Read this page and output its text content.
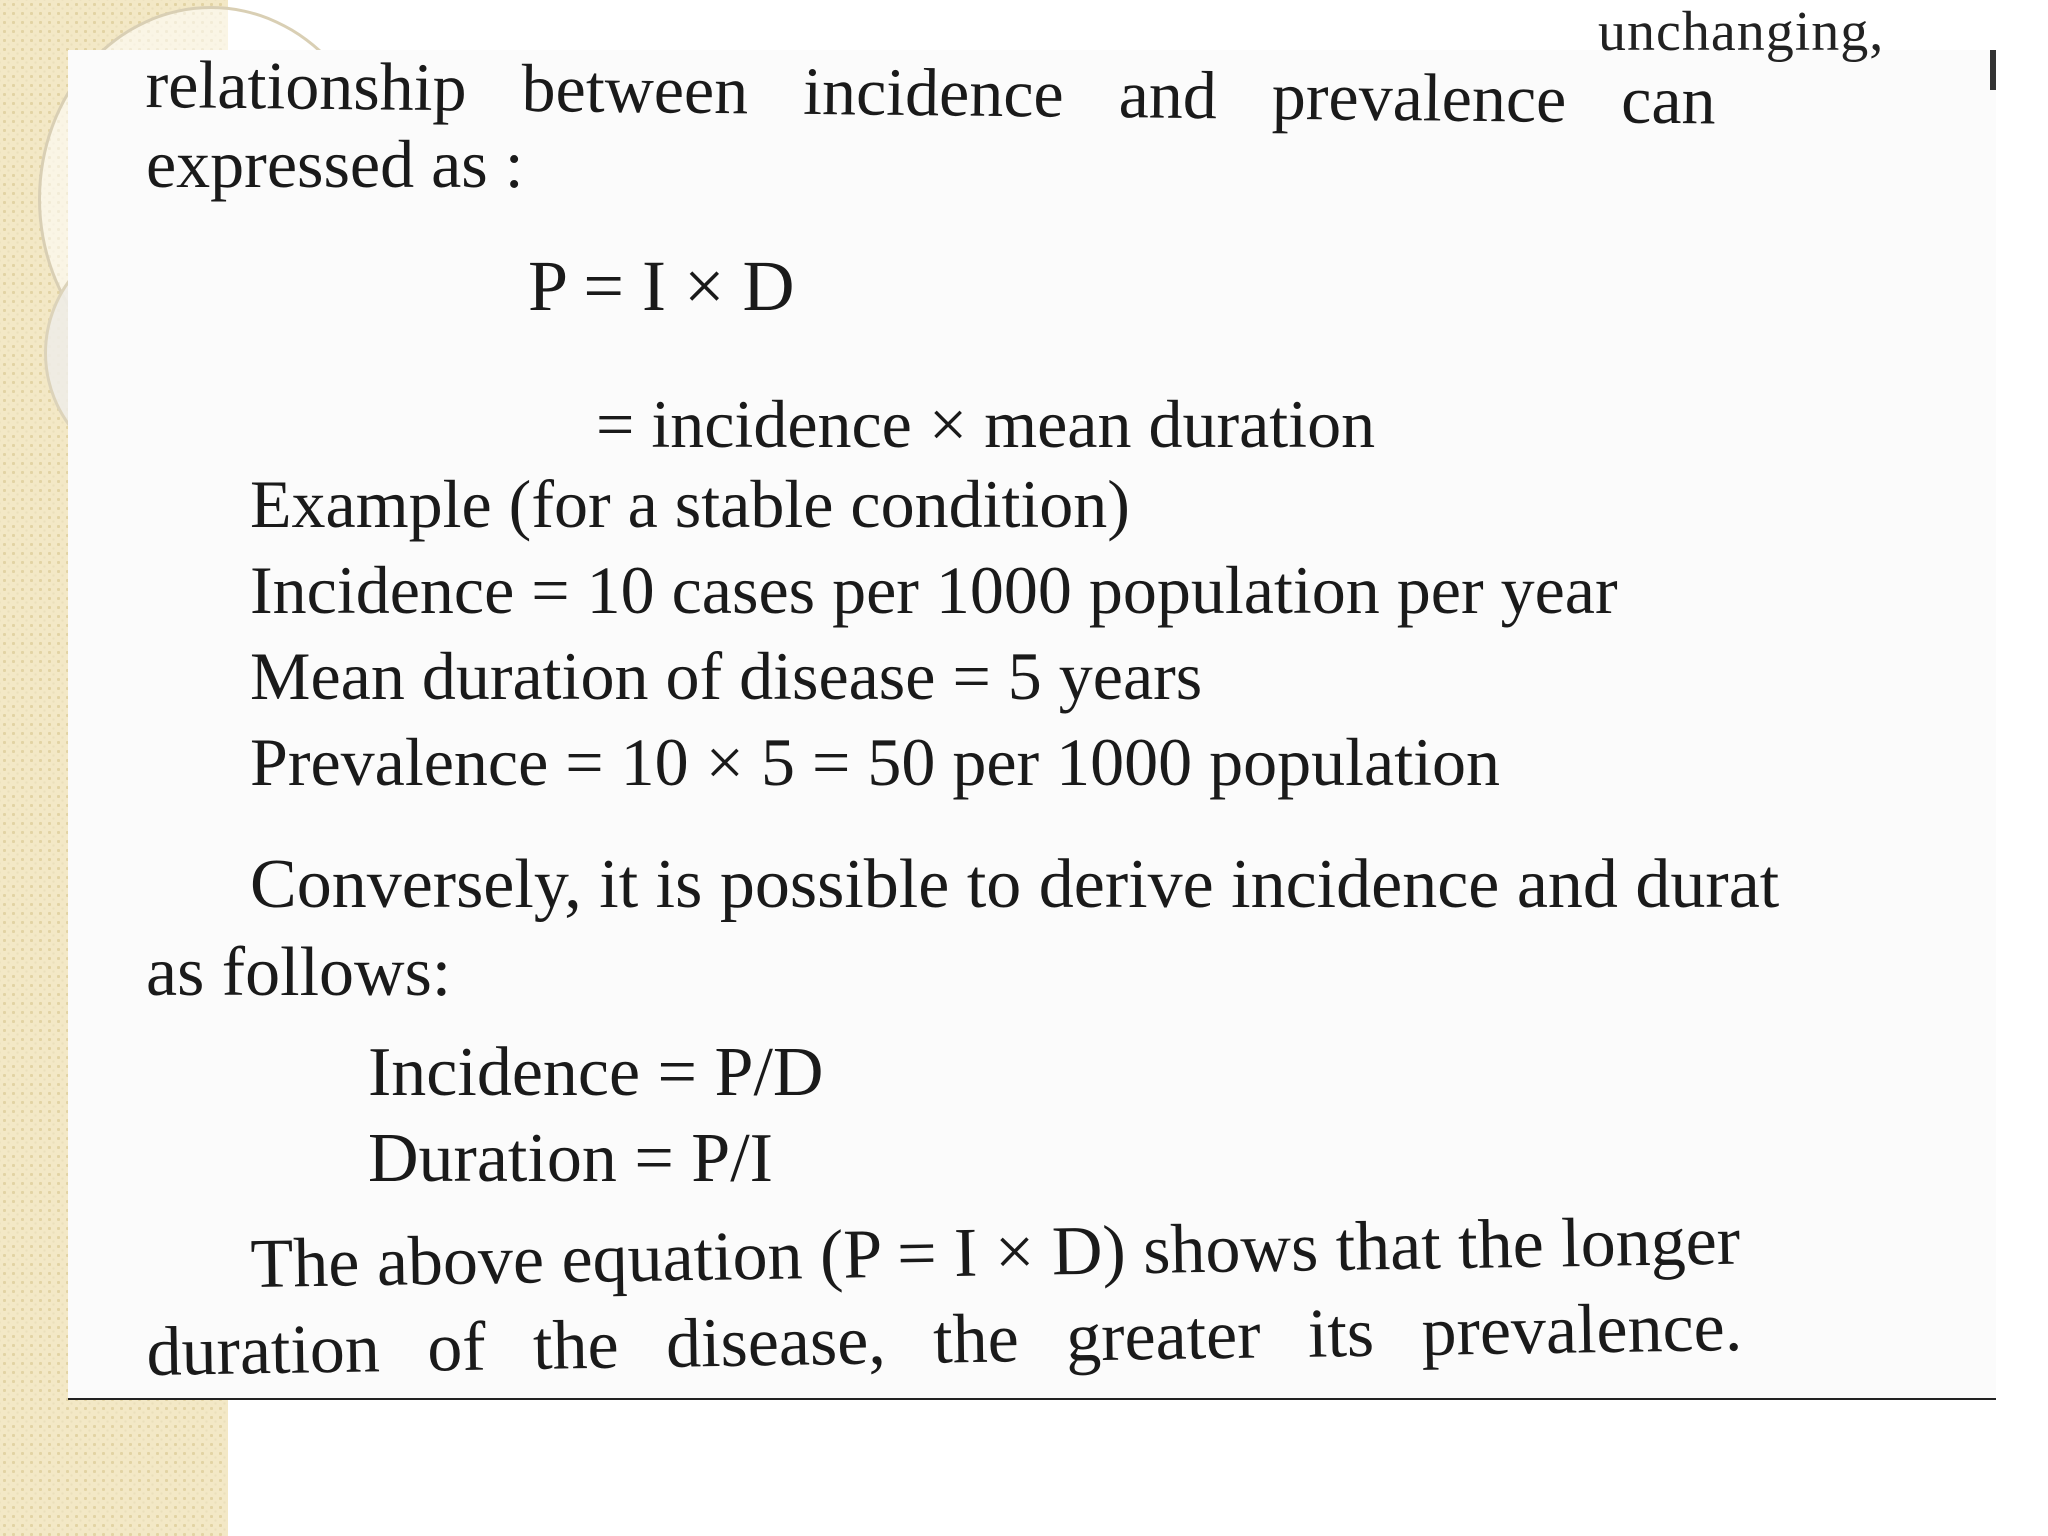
unchanging,
relationship between incidence and prevalence can
expressed as :
P = I × D
= incidence × mean duration
Example (for a stable condition)
Incidence = 10 cases per 1000 population per year
Mean duration of disease = 5 years
Prevalence = 10 × 5 = 50 per 1000 population
Conversely, it is possible to derive incidence and durat
as follows:
Incidence = P/D
Duration = P/I
The above equation (P = I × D) shows that the longer
duration of the disease, the greater its prevalence.
